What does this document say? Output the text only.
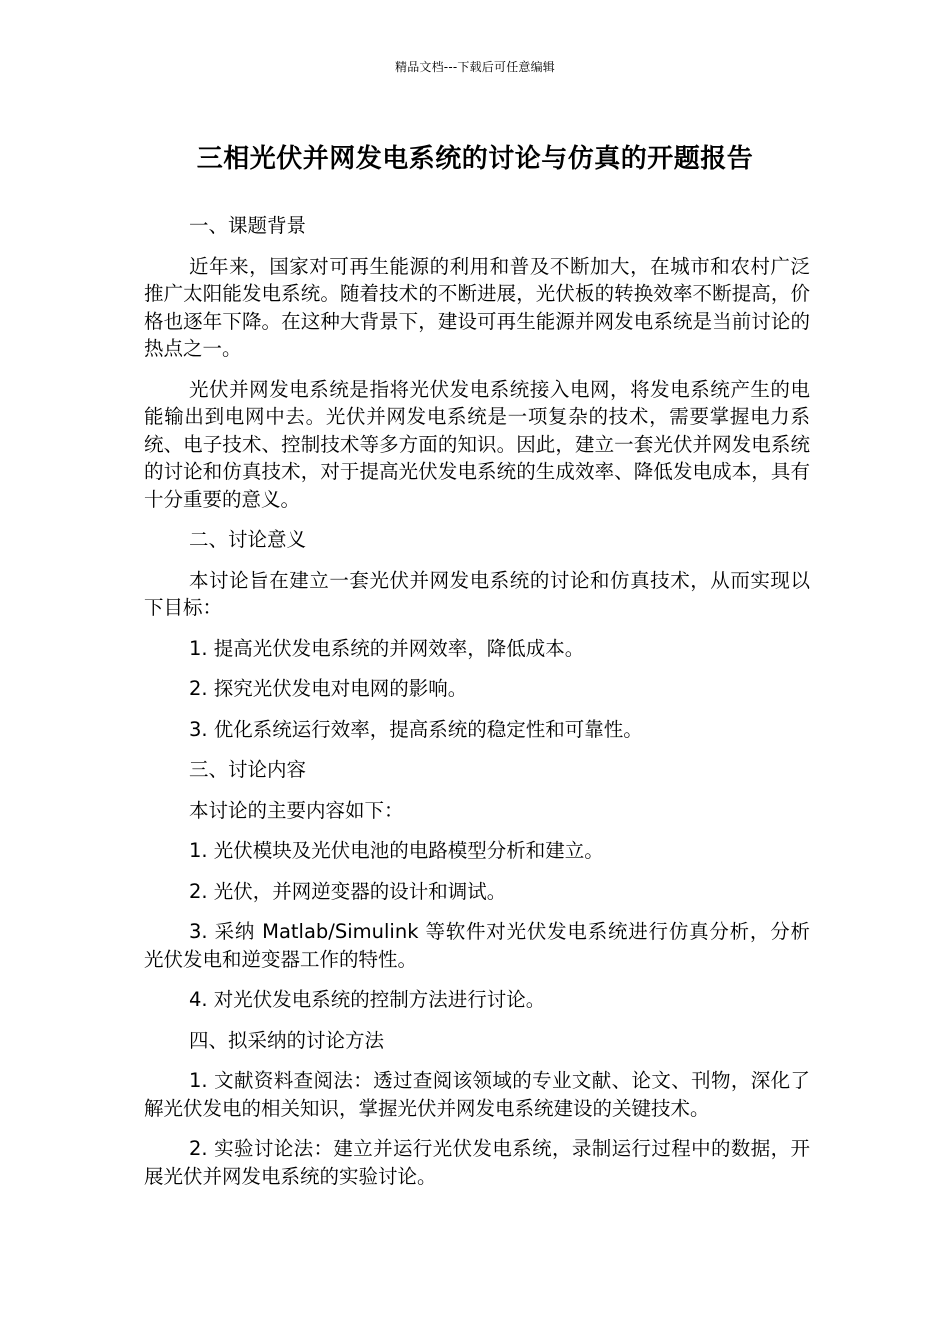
精品文档---下载后可任意编辑
三相光伏并网发电系统的讨论与仿真的开题报告

一、课题背景

近年来，国家对可再生能源的利用和普及不断加大，在城市和农村广泛推广太阳能发电系统。随着技术的不断进展，光伏板的转换效率不断提高，价格也逐年下降。在这种大背景下，建设可再生能源并网发电系统是当前讨论的热点之一。

光伏并网发电系统是指将光伏发电系统接入电网，将发电系统产生的电能输出到电网中去。光伏并网发电系统是一项复杂的技术，需要掌握电力系统、电子技术、控制技术等多方面的知识。因此，建立一套光伏并网发电系统的讨论和仿真技术，对于提高光伏发电系统的生成效率、降低发电成本，具有十分重要的意义。

二、讨论意义

本讨论旨在建立一套光伏并网发电系统的讨论和仿真技术，从而实现以下目标：

1. 提高光伏发电系统的并网效率，降低成本。

2. 探究光伏发电对电网的影响。

3. 优化系统运行效率，提高系统的稳定性和可靠性。

三、讨论内容

本讨论的主要内容如下：

1. 光伏模块及光伏电池的电路模型分析和建立。

2. 光伏，并网逆变器的设计和调试。

3. 采纳 Matlab/Simulink 等软件对光伏发电系统进行仿真分析，分析光伏发电和逆变器工作的特性。

4. 对光伏发电系统的控制方法进行讨论。

四、拟采纳的讨论方法

1. 文献资料查阅法：透过查阅该领域的专业文献、论文、刊物，深化了解光伏发电的相关知识，掌握光伏并网发电系统建设的关键技术。

2. 实验讨论法：建立并运行光伏发电系统，录制运行过程中的数据，开展光伏并网发电系统的实验讨论。
